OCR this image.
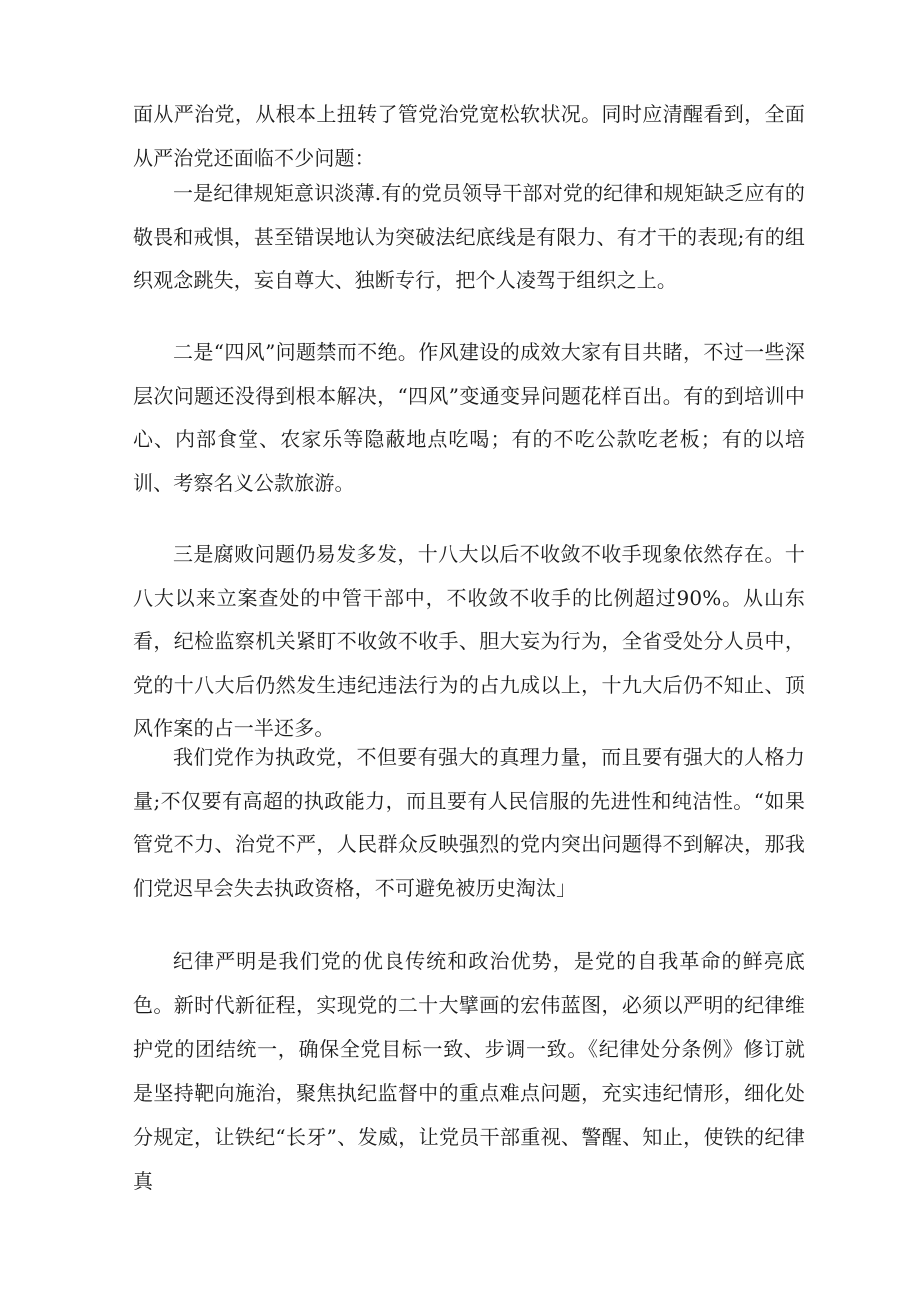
面从严治党，从根本上扭转了管党治党宽松软状况。同时应清醒看到，全面从严治党还面临不少问题：

一是纪律规矩意识淡薄.有的党员领导干部对党的纪律和规矩缺乏应有的敬畏和戒惧，甚至错误地认为突破法纪底线是有限力、有才干的表现;有的组织观念跳失，妄自尊大、独断专行，把个人凌驾于组织之上。

二是“四风”问题禁而不绝。作风建设的成效大家有目共睹，不过一些深层次问题还没得到根本解决，“四风”变通变异问题花样百出。有的到培训中心、内部食堂、农家乐等隐蔽地点吃喝；有的不吃公款吃老板；有的以培训、考察名义公款旅游。

三是腐败问题仍易发多发，十八大以后不收敛不收手现象依然存在。十八大以来立案查处的中管干部中，不收敛不收手的比例超过90%。从山东看，纪检监察机关紧盯不收敛不收手、胆大妄为行为，全省受处分人员中，党的十八大后仍然发生违纪违法行为的占九成以上，十九大后仍不知止、顶风作案的占一半还多。

我们党作为执政党，不但要有强大的真理力量，而且要有强大的人格力量;不仅要有高超的执政能力，而且要有人民信服的先进性和纯洁性。“如果管党不力、治党不严，人民群众反映强烈的党内突出问题得不到解决，那我们党迟早会失去执政资格，不可避免被历史淘汰」

纪律严明是我们党的优良传统和政治优势，是党的自我革命的鲜亮底色。新时代新征程，实现党的二十大擘画的宏伟蓝图，必须以严明的纪律维护党的团结统一，确保全党目标一致、步调一致。《纪律处分条例》修订就是坚持靶向施治，聚焦执纪监督中的重点难点问题，充实违纪情形，细化处分规定，让铁纪“长牙”、发威，让党员干部重视、警醒、知止，使铁的纪律真
